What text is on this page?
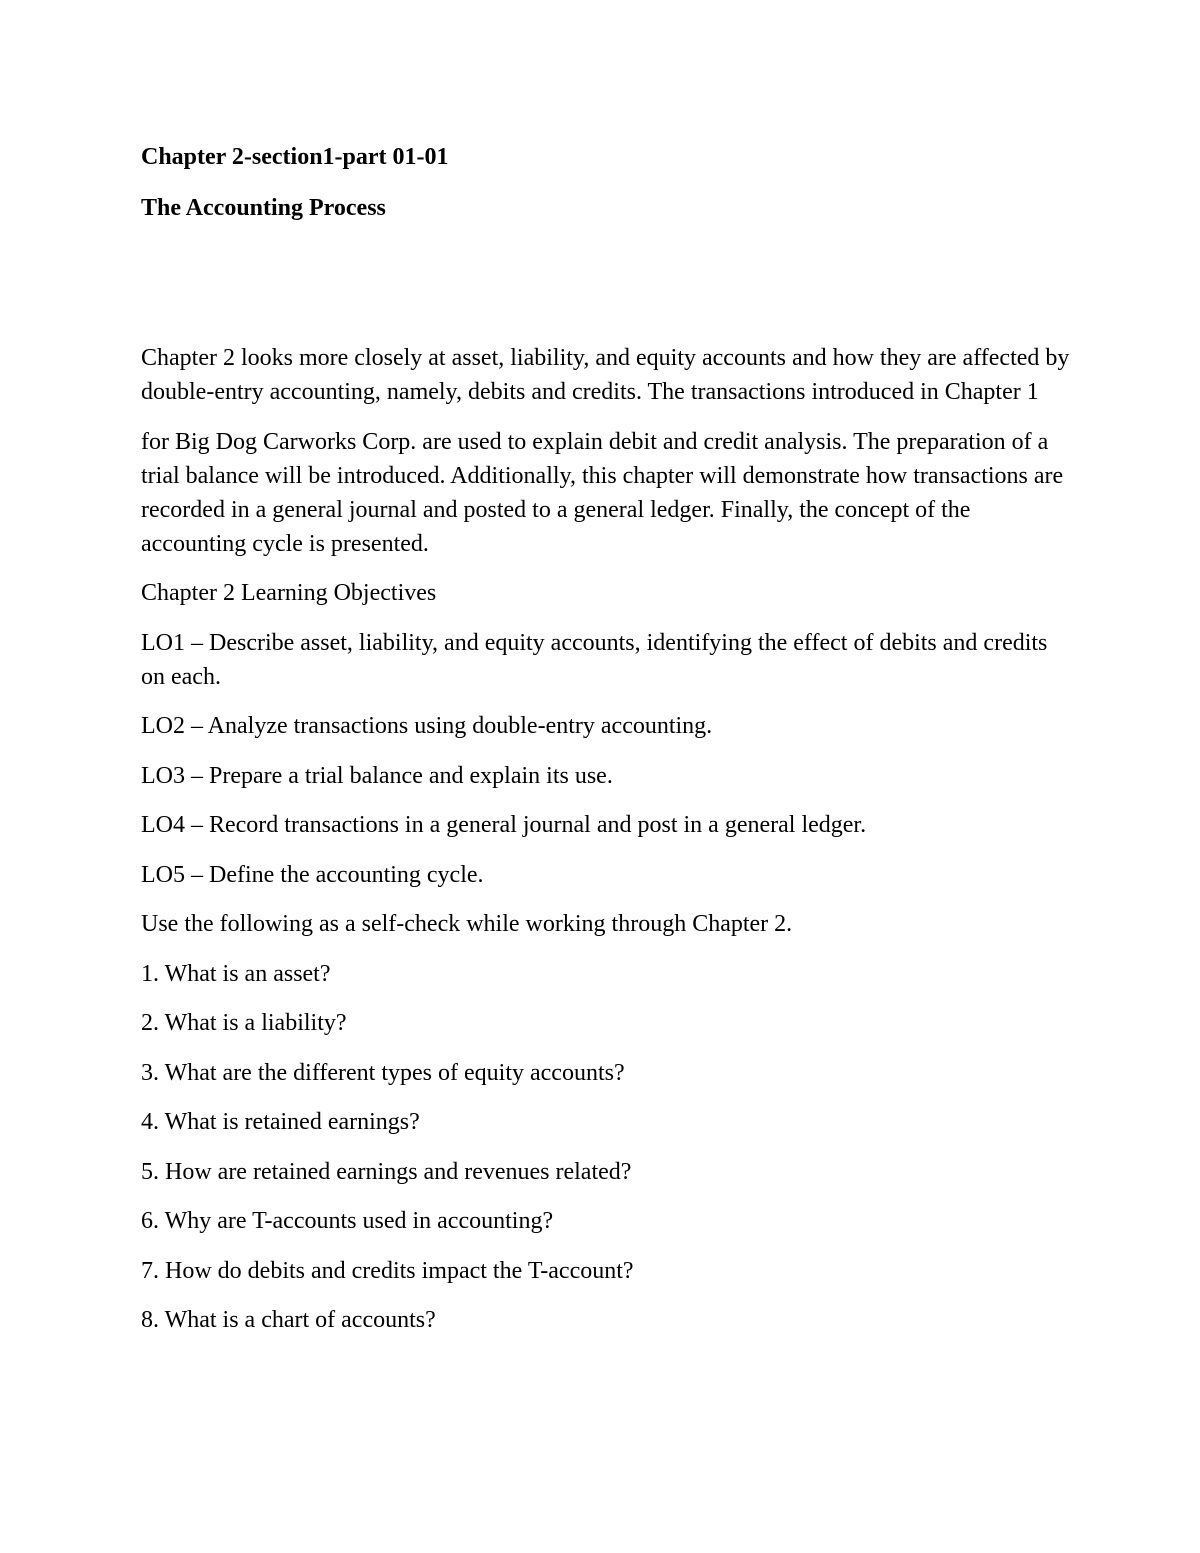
Chapter 2-section1-part 01-01
The Accounting Process

Chapter 2 looks more closely at asset, liability, and equity accounts and how they are affected by double-entry accounting, namely, debits and credits. The transactions introduced in Chapter 1

for Big Dog Carworks Corp. are used to explain debit and credit analysis. The preparation of a trial balance will be introduced. Additionally, this chapter will demonstrate how transactions are recorded in a general journal and posted to a general ledger. Finally, the concept of the accounting cycle is presented.

Chapter 2 Learning Objectives

LO1 – Describe asset, liability, and equity accounts, identifying the effect of debits and credits on each.
LO2 – Analyze transactions using double-entry accounting.
LO3 – Prepare a trial balance and explain its use.
LO4 – Record transactions in a general journal and post in a general ledger.
LO5 – Define the accounting cycle.

Use the following as a self-check while working through Chapter 2.

1. What is an asset?
2. What is a liability?
3. What are the different types of equity accounts?
4. What is retained earnings?
5. How are retained earnings and revenues related?
6. Why are T-accounts used in accounting?
7. How do debits and credits impact the T-account?
8. What is a chart of accounts?
